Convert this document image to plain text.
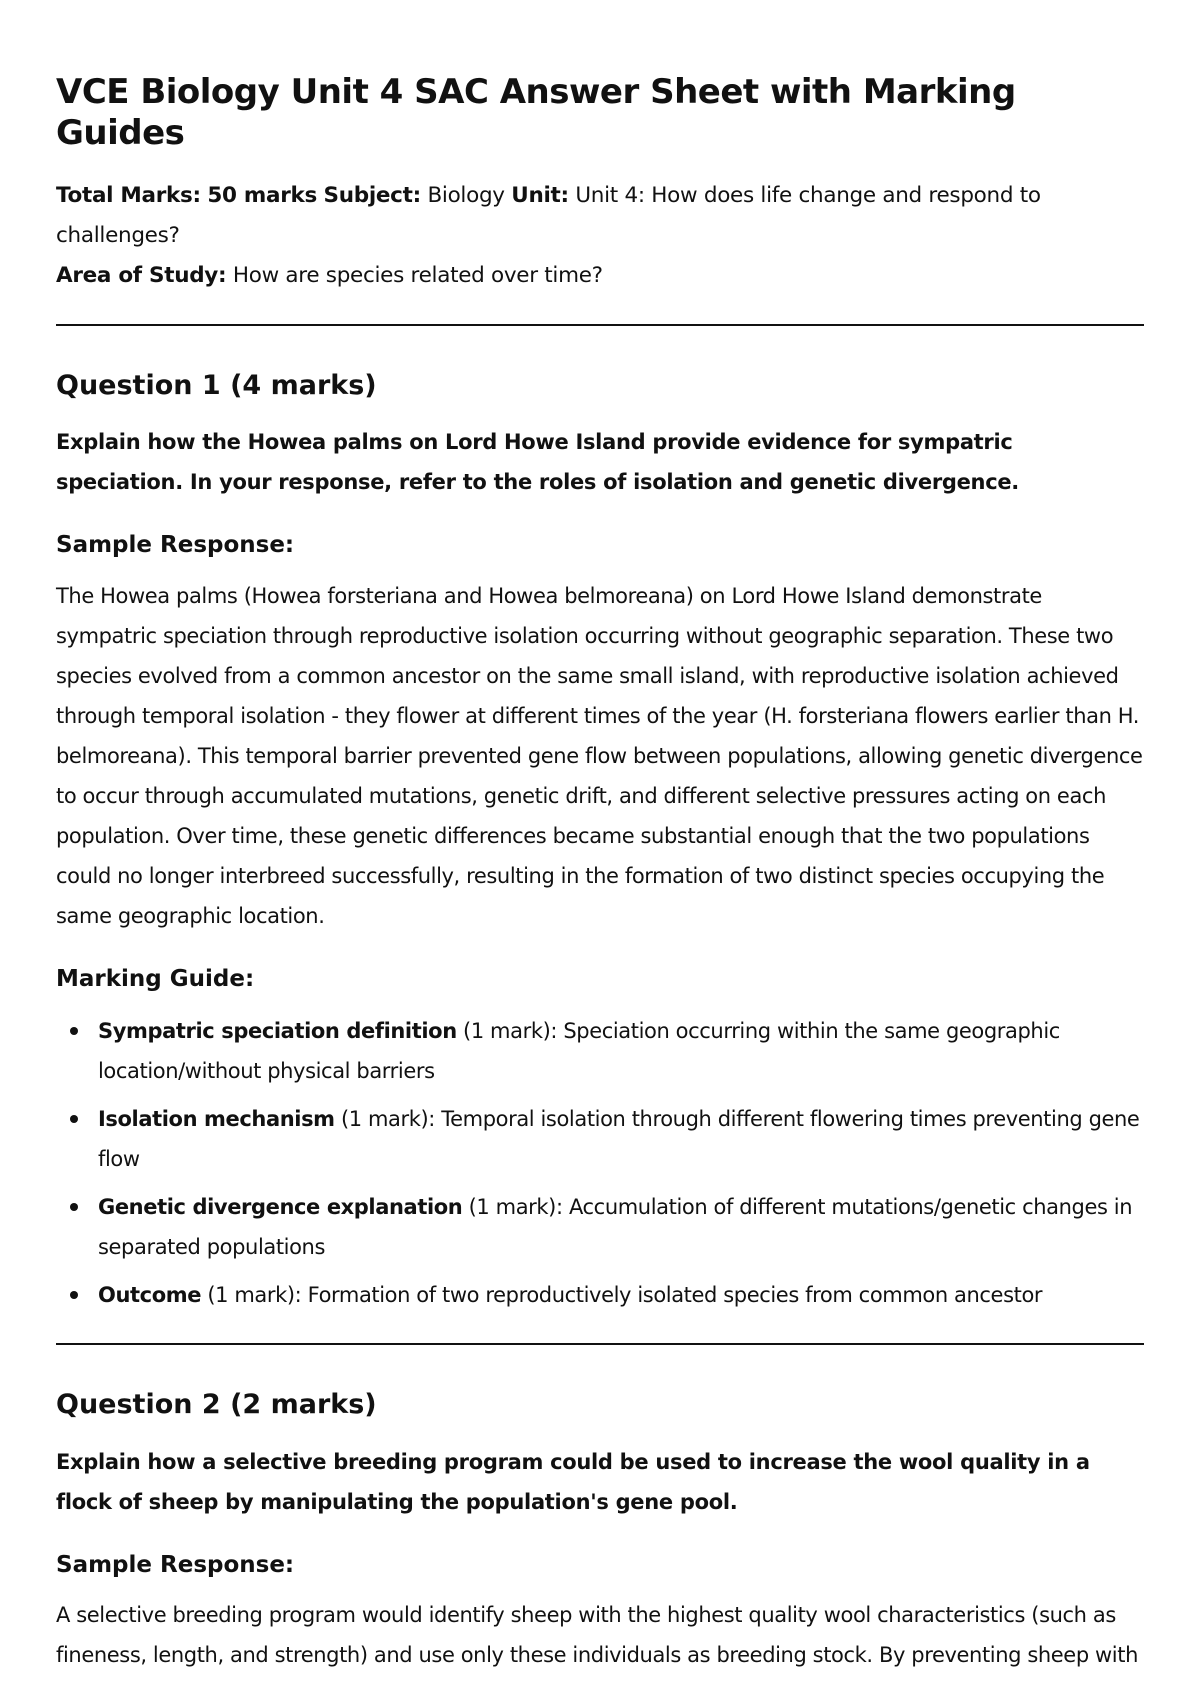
VCE Biology Unit 4 SAC Answer Sheet with Marking Guides

Total Marks: 50 marks Subject: Biology Unit: Unit 4: How does life change and respond to challenges?
Area of Study: How are species related over time?

Question 1 (4 marks)

Explain how the Howea palms on Lord Howe Island provide evidence for sympatric speciation. In your response, refer to the roles of isolation and genetic divergence.

Sample Response:

The Howea palms (Howea forsteriana and Howea belmoreana) on Lord Howe Island demonstrate sympatric speciation through reproductive isolation occurring without geographic separation. These two species evolved from a common ancestor on the same small island, with reproductive isolation achieved through temporal isolation - they flower at different times of the year (H. forsteriana flowers earlier than H. belmoreana). This temporal barrier prevented gene flow between populations, allowing genetic divergence to occur through accumulated mutations, genetic drift, and different selective pressures acting on each population. Over time, these genetic differences became substantial enough that the two populations could no longer interbreed successfully, resulting in the formation of two distinct species occupying the same geographic location.

Marking Guide:
Sympatric speciation definition (1 mark): Speciation occurring within the same geographic location/without physical barriers
Isolation mechanism (1 mark): Temporal isolation through different flowering times preventing gene flow
Genetic divergence explanation (1 mark): Accumulation of different mutations/genetic changes in separated populations
Outcome (1 mark): Formation of two reproductively isolated species from common ancestor
Question 2 (2 marks)

Explain how a selective breeding program could be used to increase the wool quality in a flock of sheep by manipulating the population's gene pool.

Sample Response:

A selective breeding program would identify sheep with the highest quality wool characteristics (such as fineness, length, and strength) and use only these individuals as breeding stock. By preventing sheep with
